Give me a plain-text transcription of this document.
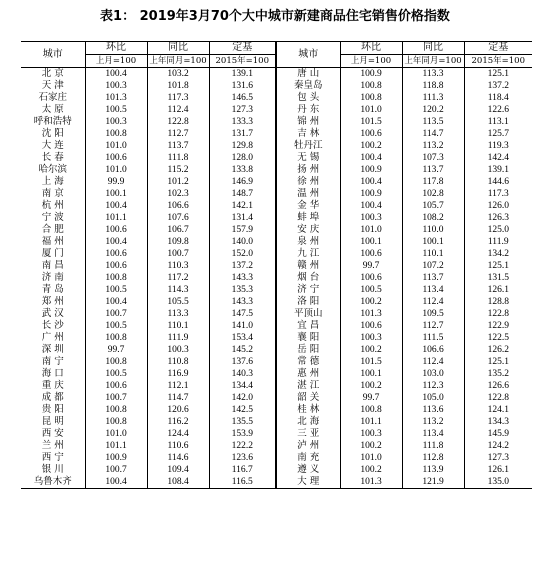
表1： 2019年3月70个大中城市新建商品住宅销售价格指数
城市	环比	同比	定基	城市	环比	同比	定基
	上月=100	上年同月=100	2015年=100		上月=100	上年同月=100	2015年=100
北 京	100.4	103.2	139.1	唐 山	100.9	113.3	125.1
天 津	100.3	101.8	131.6	秦皇岛	100.8	118.8	137.2
石家庄	101.3	117.3	146.5	包 头	100.8	111.3	118.4
太 原	100.5	112.4	127.3	丹 东	101.0	120.2	122.6
呼和浩特	100.3	122.8	133.3	锦 州	101.5	113.5	113.1
沈 阳	100.8	112.7	131.7	吉 林	100.6	114.7	125.7
大 连	101.0	113.7	129.8	牡丹江	100.2	113.2	119.3
长 春	100.6	111.8	128.0	无 锡	100.4	107.3	142.4
哈尔滨	101.0	115.2	133.8	扬 州	100.9	113.7	139.1
上 海	99.9	101.2	146.9	徐 州	100.4	117.8	144.6
南 京	100.1	102.3	148.7	温 州	100.9	102.8	117.3
杭 州	100.4	106.6	142.1	金 华	100.4	105.7	126.0
宁 波	101.1	107.6	131.4	蚌 埠	100.3	108.2	126.3
合 肥	100.6	106.7	157.9	安 庆	101.0	110.0	125.0
福 州	100.4	109.8	140.0	泉 州	100.1	100.1	111.9
厦 门	100.6	100.7	152.0	九 江	100.6	110.1	134.2
南 昌	100.6	110.3	137.2	赣 州	99.7	107.2	125.1
济 南	100.8	117.2	143.3	烟 台	100.6	113.7	131.5
青 岛	100.5	114.3	135.3	济 宁	100.5	113.4	126.1
郑 州	100.4	105.5	143.3	洛 阳	100.2	112.4	128.8
武 汉	100.7	113.3	147.5	平顶山	101.3	109.5	122.8
长 沙	100.5	110.1	141.0	宜 昌	100.6	112.7	122.9
广 州	100.8	111.9	153.4	襄 阳	100.3	111.5	122.5
深 圳	99.7	100.3	145.2	岳 阳	100.2	106.6	126.2
南 宁	100.8	110.8	137.6	常 德	101.5	112.4	125.1
海 口	100.5	116.9	140.3	惠 州	100.1	103.0	135.2
重 庆	100.6	112.1	134.4	湛 江	100.2	112.3	126.6
成 都	100.7	114.7	142.0	韶 关	99.7	105.0	122.8
贵 阳	100.8	120.6	142.5	桂 林	100.8	113.6	124.1
昆 明	100.8	116.2	135.5	北 海	101.1	113.2	134.3
西 安	101.0	124.4	153.9	三 亚	100.3	113.4	145.9
兰 州	101.1	110.6	122.2	泸 州	100.2	111.8	124.2
西 宁	100.9	114.6	123.6	南 充	101.0	112.8	127.3
银 川	100.7	109.4	116.7	遵 义	100.2	113.9	126.1
乌鲁木齐	100.4	108.4	116.5	大 理	101.3	121.9	135.0
